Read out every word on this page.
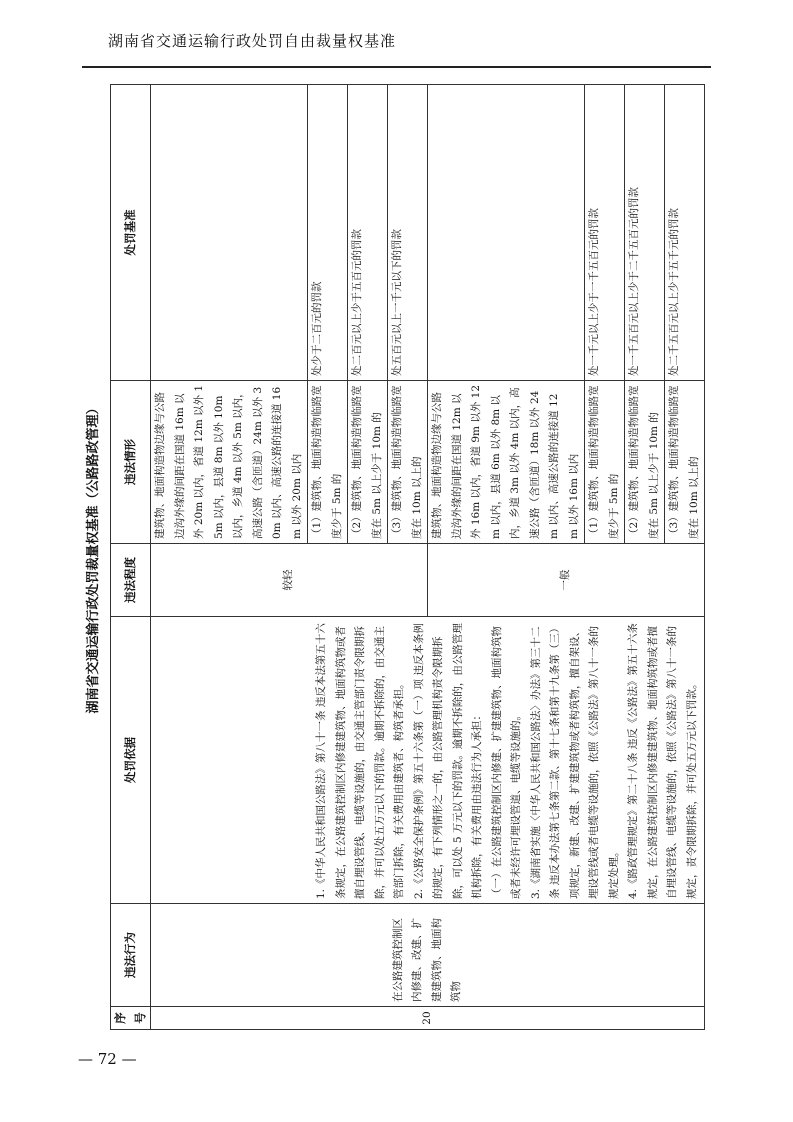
湖南省交通运输行政处罚自由裁量权基准
— 72 —
湖南省交通运输行政处罚裁量权基准（公路路政管理）
序号	违法行为	处罚依据	违法程度	违法情形	处罚基准
20	在公路建筑控制区内修建、改建、扩建建筑物、地面构筑物	1.《中华人民共和国公路法》第八十一条 违反本法第五十六条规定，在公路建筑控制区内修建建筑物、地面构筑物或者擅自埋设管线、电缆等设施的，由交通主管部门责令限期拆除，并可以处五万元以下的罚款。逾期不拆除的，由交通主管部门拆除，有关费用由建筑者、构筑者承担。 2.《公路安全保护条例》第五十六条第（一）项 违反本条例的规定，有下列情形之一的，由公路管理机构责令限期拆除，可以处 5 万元以下的罚款。逾期不拆除的，由公路管理机构拆除，有关费用由违法行为人承担： （一）在公路建筑控制区内修建、扩建建筑物、地面构筑物或者未经许可埋设管道、电缆等设施的。 3.《湖南省实施〈中华人民共和国公路法〉办法》第三十二条 违反本办法第七条第二款、第十七条和第十九条第（三）项规定，新建、改建、扩建建筑物或者构筑物，擅自架设、埋设管线或者电缆等设施的，依照《公路法》第八十一条的规定处理。 4.《路政管理规定》第二十八条 违反《公路法》第五十六条规定，在公路建筑控制区内修建建筑物、地面构筑物或者擅自埋设管线、电缆等设施的，依照《公路法》第八十一条的规定，责令限期拆除，并可处五万元以下罚款。	较轻	建筑物、地面构造物边缘与公路边沟外缘的间距在国道 16m 以外 20m 以内，省道 12m 以外 15m 以内，县道 8m 以外 10m 以内，乡道 4m 以外 5m 以内，高速公路（含匝道）24m 以外 30m 以内、高速公路的连接道 16m 以外 20m 以内	
				（1）建筑物、地面构造物临路宽度少于 5m 的	处少于二百元的罚款
				（2）建筑物、地面构造物临路宽度在 5m 以上少于 10m 的	处二百元以上少于五百元的罚款
				（3）建筑物、地面构造物临路宽度在 10m 以上的	处五百元以上一千元以下的罚款
			一般	建筑物、地面构造物边缘与公路边沟外缘的间距在国道 12m 以外 16m 以内，省道 9m 以外 12m 以内，县道 6m 以外 8m 以内，乡道 3m 以外 4m 以内，高速公路（含匝道）18m 以外 24m 以内、高速公路的连接道 12m 以外 16m 以内	
				（1）建筑物、地面构造物临路宽度少于 5m 的	处一千元以上少于一千五百元的罚款
				（2）建筑物、地面构造物临路宽度在 5m 以上少于 10m 的	处一千五百元以上少于二千五百元的罚款
				（3）建筑物、地面构造物临路宽度在 10m 以上的	处二千五百元以上少于五千元的罚款
